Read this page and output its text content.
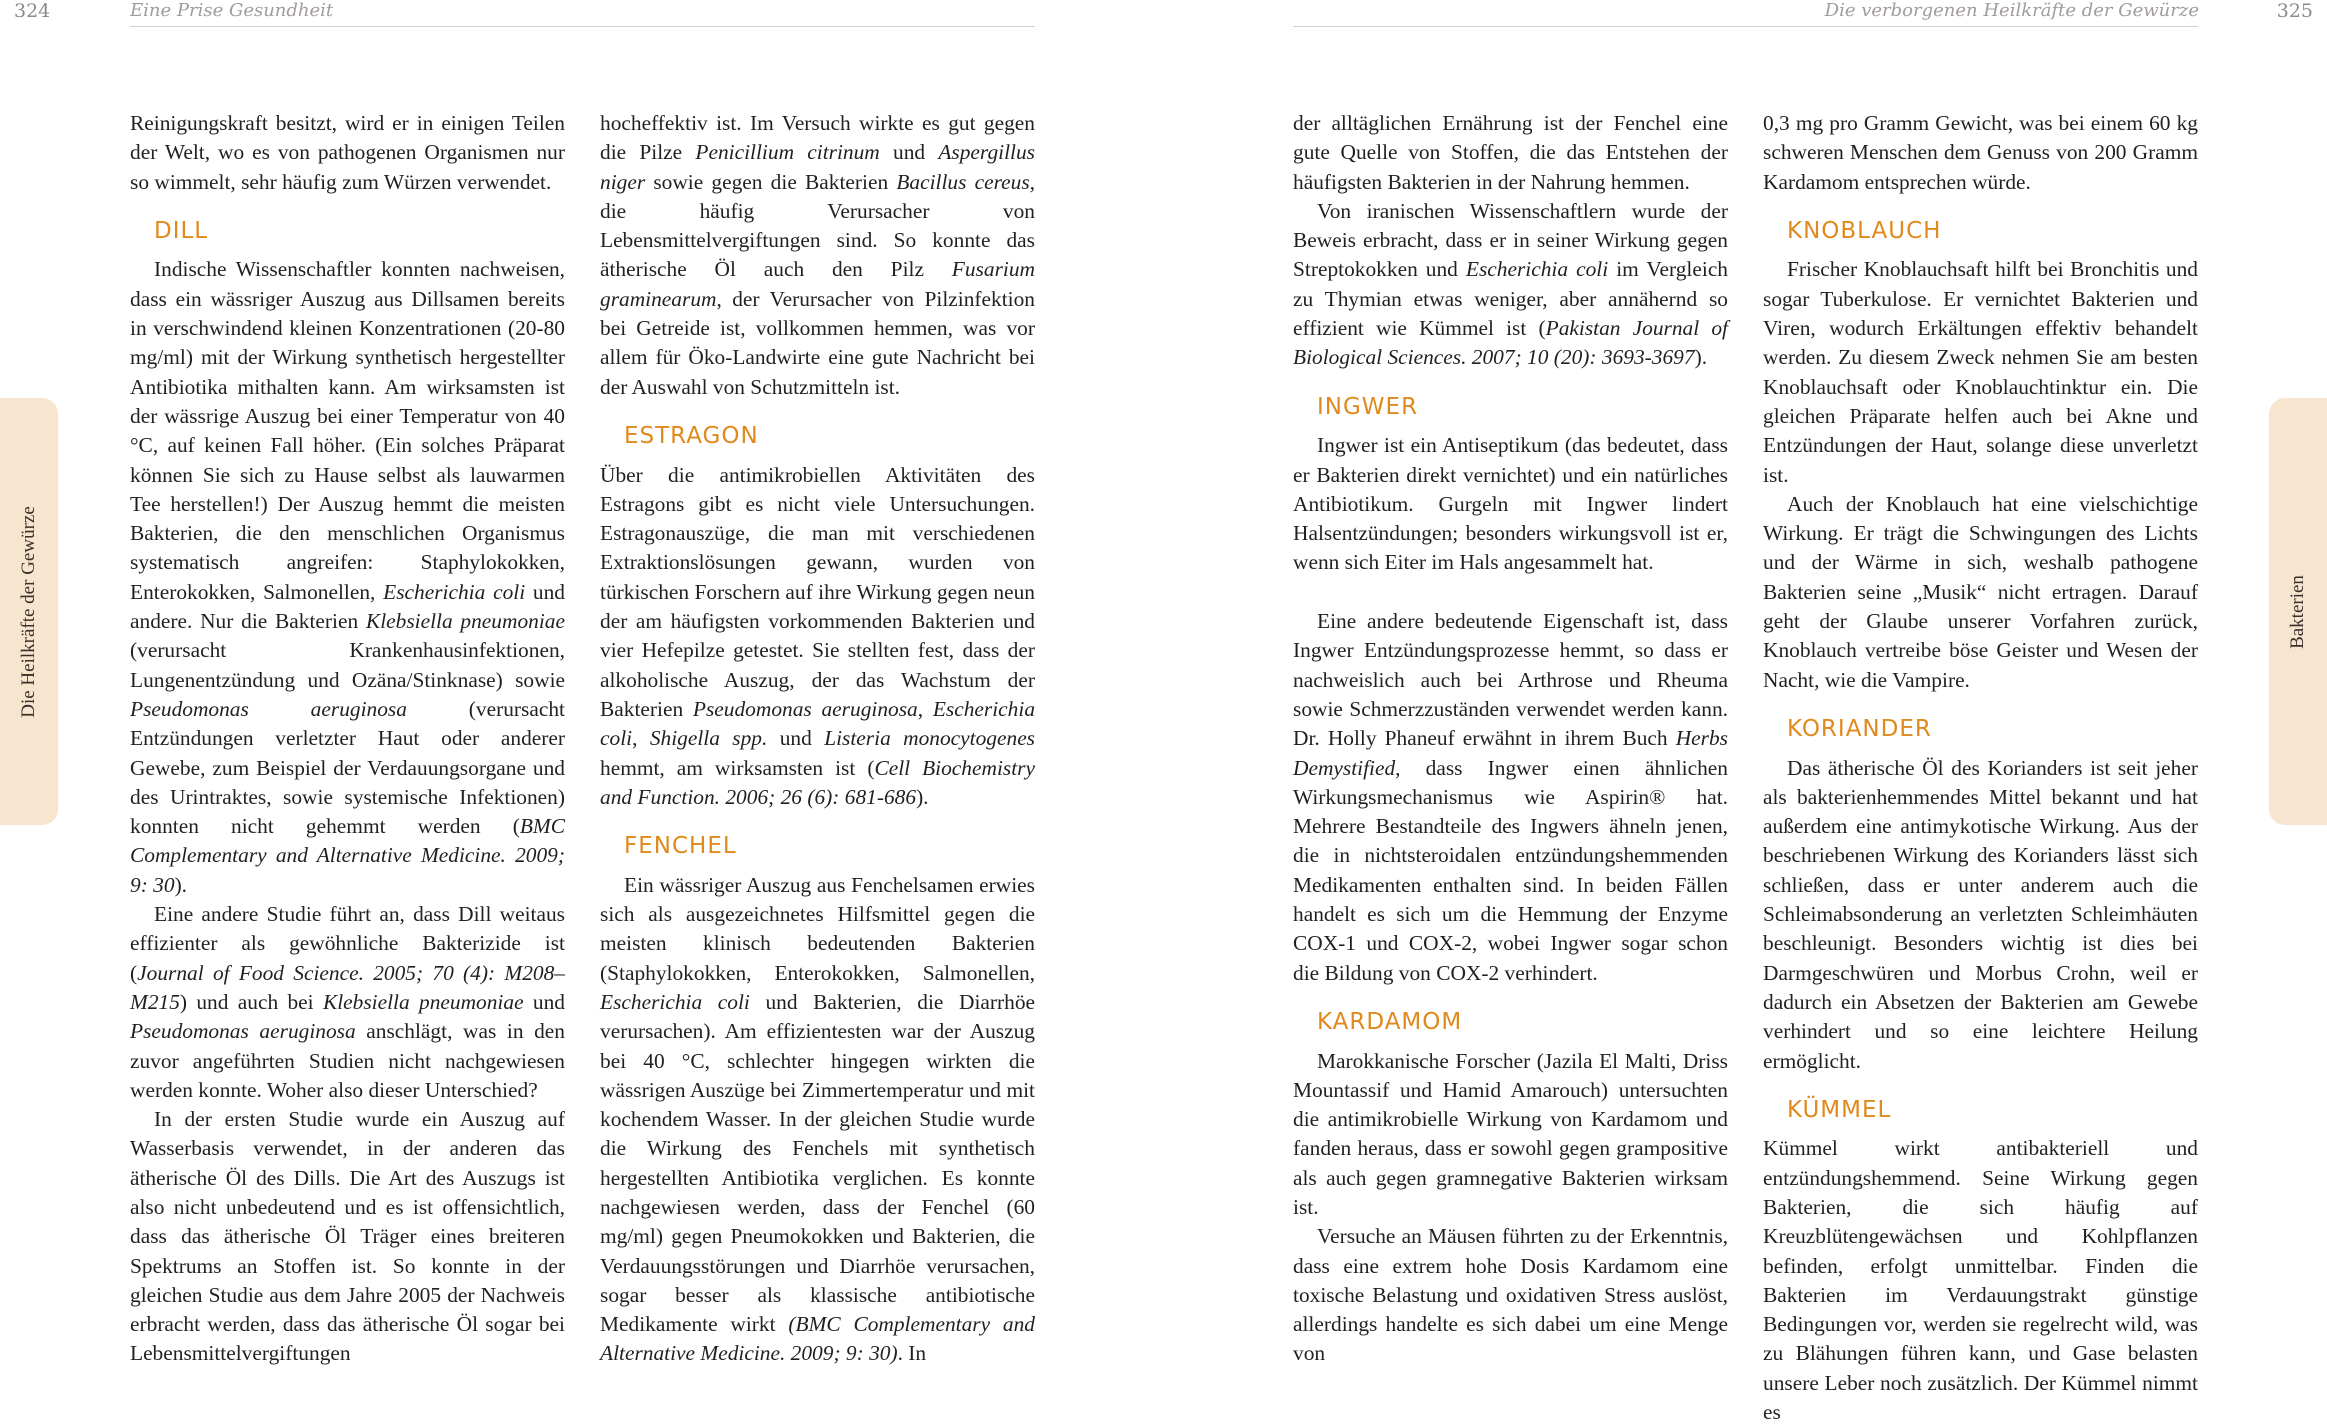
324	Eine Prise Gesundheit	Die verborgenen Heilkräfte der Gewürze	325
Die Heilkräfte der Gewürze	Bakterien

Reinigungskraft besitzt, wird er in einigen Teilen der Welt, wo es von pathogenen Organismen nur so wimmelt, sehr häufig zum Würzen verwendet.

DILL

Indische Wissenschaftler konnten nachweisen, dass ein wässriger Auszug aus Dillsamen bereits in verschwindend kleinen Konzentrationen (20-80 mg/ml) mit der Wirkung synthetisch hergestellter Antibiotika mithalten kann. Am wirksamsten ist der wässrige Auszug bei einer Temperatur von 40 °C, auf keinen Fall höher. (Ein solches Präparat können Sie sich zu Hause selbst als lauwarmen Tee herstellen!) Der Auszug hemmt die meisten Bakterien, die den menschlichen Organismus systematisch angreifen: Staphylokokken, Enterokokken, Salmonellen, Escherichia coli und andere. Nur die Bakterien Klebsiella pneumoniae (verursacht Krankenhausinfektionen, Lungenentzündung und Ozäna/Stinknase) sowie Pseudomonas aeruginosa (verursacht Entzündungen verletzter Haut oder anderer Gewebe, zum Beispiel der Verdauungsorgane und des Urintraktes, sowie systemische Infektionen) konnten nicht gehemmt werden (BMC Complementary and Alternative Medicine. 2009; 9: 30).

Eine andere Studie führt an, dass Dill weitaus effizienter als gewöhnliche Bakterizide ist (Journal of Food Science. 2005; 70 (4): M208–M215) und auch bei Klebsiella pneumoniae und Pseudomonas aeruginosa anschlägt, was in den zuvor angeführten Studien nicht nachgewiesen werden konnte. Woher also dieser Unterschied?

In der ersten Studie wurde ein Auszug auf Wasserbasis verwendet, in der anderen das ätherische Öl des Dills. Die Art des Auszugs ist also nicht unbedeutend und es ist offensichtlich, dass das ätherische Öl Träger eines breiteren Spektrums an Stoffen ist. So konnte in der gleichen Studie aus dem Jahre 2005 der Nachweis erbracht werden, dass das ätherische Öl sogar bei Lebensmittelvergiftungen

hocheffektiv ist. Im Versuch wirkte es gut gegen die Pilze Penicillium citrinum und Aspergillus niger sowie gegen die Bakterien Bacillus cereus, die häufig Verursacher von Lebensmittelvergiftungen sind. So konnte das ätherische Öl auch den Pilz Fusarium graminearum, der Verursacher von Pilzinfektion bei Getreide ist, vollkommen hemmen, was vor allem für Öko-Landwirte eine gute Nachricht bei der Auswahl von Schutzmitteln ist.

ESTRAGON

Über die antimikrobiellen Aktivitäten des Estragons gibt es nicht viele Untersuchungen. Estragonauszüge, die man mit verschiedenen Extraktionslösungen gewann, wurden von türkischen Forschern auf ihre Wirkung gegen neun der am häufigsten vorkommenden Bakterien und vier Hefepilze getestet. Sie stellten fest, dass der alkoholische Auszug, der das Wachstum der Bakterien Pseudomonas aeruginosa, Escherichia coli, Shigella spp. und Listeria monocytogenes hemmt, am wirksamsten ist (Cell Biochemistry and Function. 2006; 26 (6): 681-686).

FENCHEL

Ein wässriger Auszug aus Fenchelsamen erwies sich als ausgezeichnetes Hilfsmittel gegen die meisten klinisch bedeutenden Bakterien (Staphylokokken, Enterokokken, Salmonellen, Escherichia coli und Bakterien, die Diarrhöe verursachen). Am effizientesten war der Auszug bei 40 °C, schlechter hingegen wirkten die wässrigen Auszüge bei Zimmertemperatur und mit kochendem Wasser. In der gleichen Studie wurde die Wirkung des Fenchels mit synthetisch hergestellten Antibiotika verglichen. Es konnte nachgewiesen werden, dass der Fenchel (60 mg/ml) gegen Pneumokokken und Bakterien, die Verdauungsstörungen und Diarrhöe verursachen, sogar besser als klassische antibiotische Medikamente wirkt (BMC Complementary and Alternative Medicine. 2009; 9: 30). In

der alltäglichen Ernährung ist der Fenchel eine gute Quelle von Stoffen, die das Entstehen der häufigsten Bakterien in der Nahrung hemmen.

Von iranischen Wissenschaftlern wurde der Beweis erbracht, dass er in seiner Wirkung gegen Streptokokken und Escherichia coli im Vergleich zu Thymian etwas weniger, aber annähernd so effizient wie Kümmel ist (Pakistan Journal of Biological Sciences. 2007; 10 (20): 3693-3697).

INGWER

Ingwer ist ein Antiseptikum (das bedeutet, dass er Bakterien direkt vernichtet) und ein natürliches Antibiotikum. Gurgeln mit Ingwer lindert Halsentzündungen; besonders wirkungsvoll ist er, wenn sich Eiter im Hals angesammelt hat.

Eine andere bedeutende Eigenschaft ist, dass Ingwer Entzündungsprozesse hemmt, so dass er nachweislich auch bei Arthrose und Rheuma sowie Schmerzzuständen verwendet werden kann. Dr. Holly Phaneuf erwähnt in ihrem Buch Herbs Demystified, dass Ingwer einen ähnlichen Wirkungsmechanismus wie Aspirin® hat. Mehrere Bestandteile des Ingwers ähneln jenen, die in nichtsteroidalen entzündungshemmenden Medikamenten enthalten sind. In beiden Fällen handelt es sich um die Hemmung der Enzyme COX-1 und COX-2, wobei Ingwer sogar schon die Bildung von COX-2 verhindert.

KARDAMOM

Marokkanische Forscher (Jazila El Malti, Driss Mountassif und Hamid Amarouch) untersuchten die antimikrobielle Wirkung von Kardamom und fanden heraus, dass er sowohl gegen grampositive als auch gegen gramnegative Bakterien wirksam ist.

Versuche an Mäusen führten zu der Erkenntnis, dass eine extrem hohe Dosis Kardamom eine toxische Belastung und oxidativen Stress auslöst, allerdings handelte es sich dabei um eine Menge von

0,3 mg pro Gramm Gewicht, was bei einem 60 kg schweren Menschen dem Genuss von 200 Gramm Kardamom entsprechen würde.

KNOBLAUCH

Frischer Knoblauchsaft hilft bei Bronchitis und sogar Tuberkulose. Er vernichtet Bakterien und Viren, wodurch Erkältungen effektiv behandelt werden. Zu diesem Zweck nehmen Sie am besten Knoblauchsaft oder Knoblauchtinktur ein. Die gleichen Präparate helfen auch bei Akne und Entzündungen der Haut, solange diese unverletzt ist.

Auch der Knoblauch hat eine vielschichtige Wirkung. Er trägt die Schwingungen des Lichts und der Wärme in sich, weshalb pathogene Bakterien seine „Musik“ nicht ertragen. Darauf geht der Glaube unserer Vorfahren zurück, Knoblauch vertreibe böse Geister und Wesen der Nacht, wie die Vampire.

KORIANDER

Das ätherische Öl des Korianders ist seit jeher als bakterienhemmendes Mittel bekannt und hat außerdem eine antimykotische Wirkung. Aus der beschriebenen Wirkung des Korianders lässt sich schließen, dass er unter anderem auch die Schleimabsonderung an verletzten Schleimhäuten beschleunigt. Besonders wichtig ist dies bei Darmgeschwüren und Morbus Crohn, weil er dadurch ein Absetzen der Bakterien am Gewebe verhindert und so eine leichtere Heilung ermöglicht.

KÜMMEL

Kümmel wirkt antibakteriell und entzündungshemmend. Seine Wirkung gegen Bakterien, die sich häufig auf Kreuzblütengewächsen und Kohlpflanzen befinden, erfolgt unmittelbar. Finden die Bakterien im Verdauungstrakt günstige Bedingungen vor, werden sie regelrecht wild, was zu Blähungen führen kann, und Gase belasten unsere Leber noch zusätzlich. Der Kümmel nimmt es
